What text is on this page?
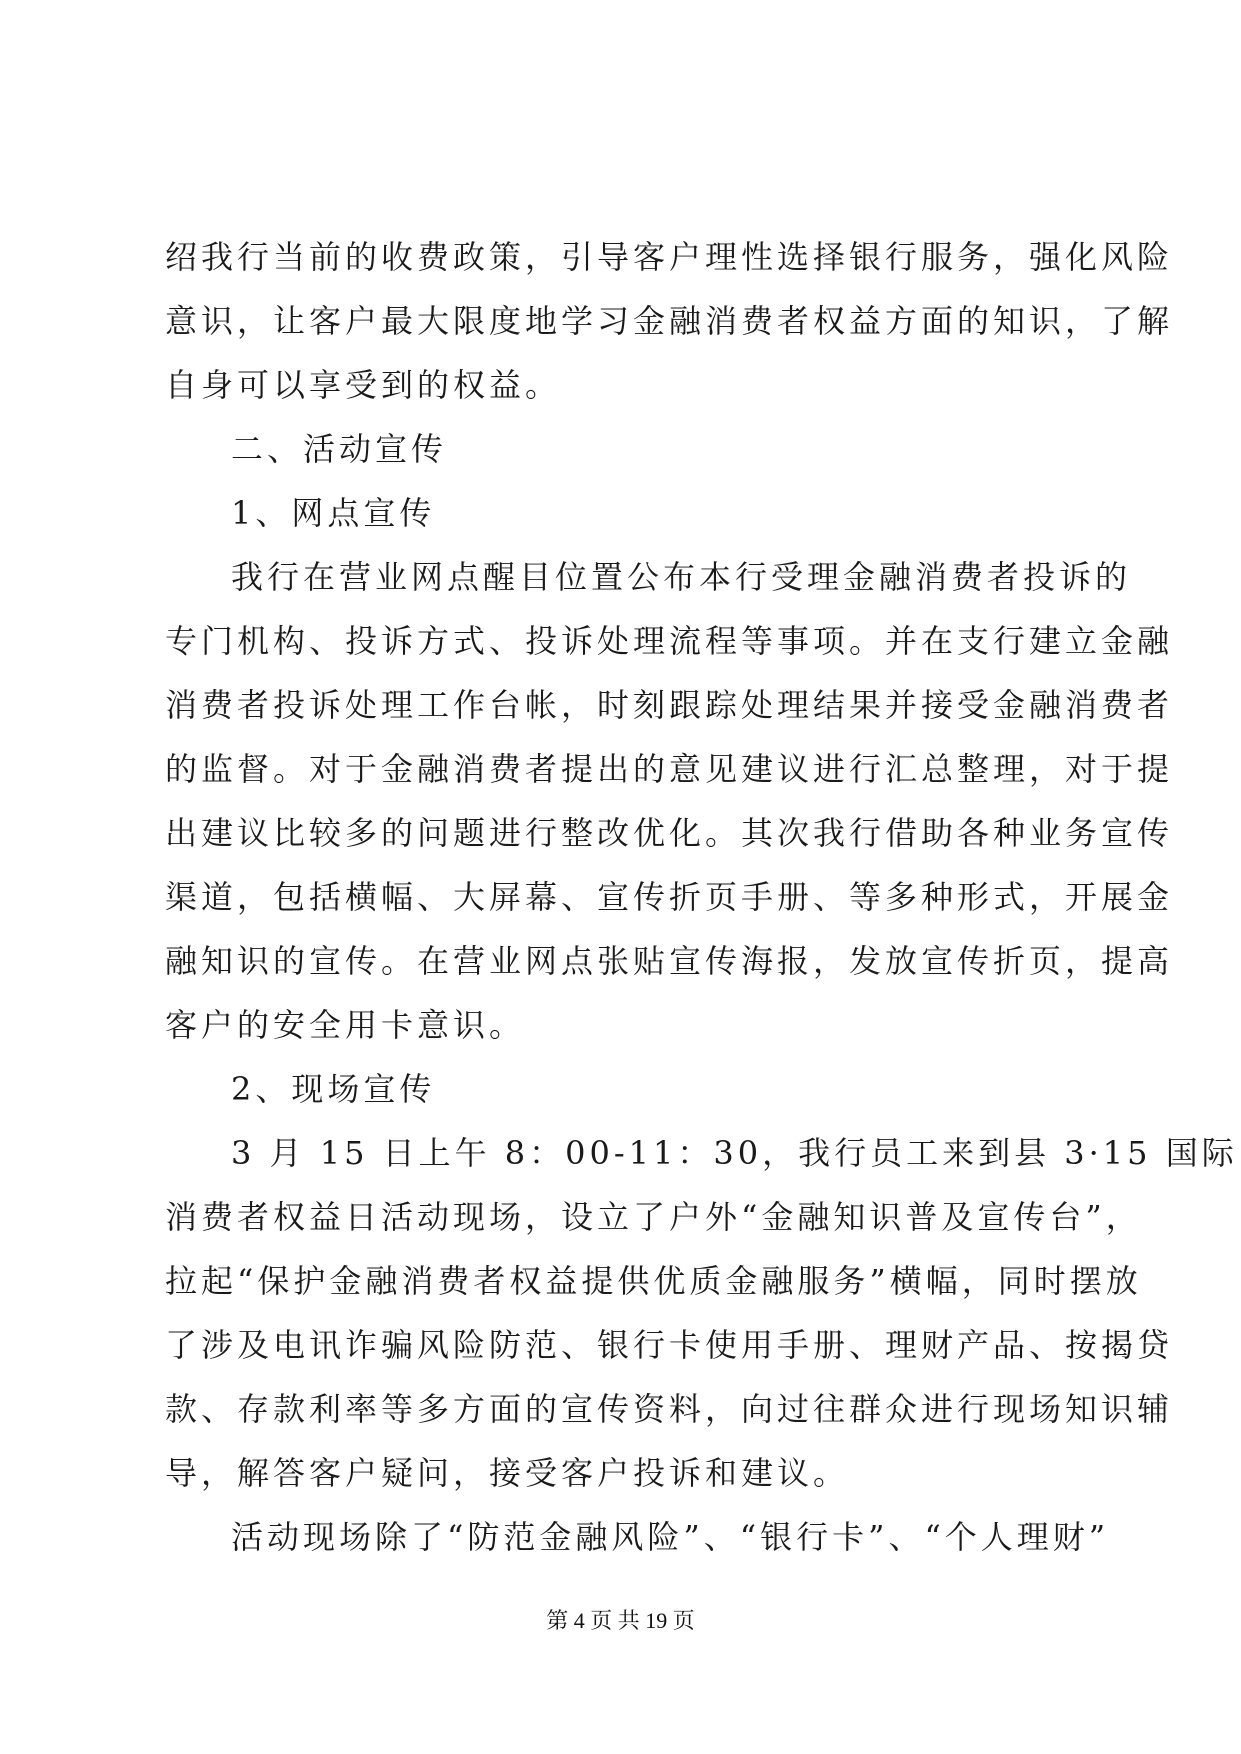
绍我行当前的收费政策，引导客户理性选择银行服务，强化风险
意识，让客户最大限度地学习金融消费者权益方面的知识，了解
自身可以享受到的权益。
二、活动宣传
1、网点宣传
我行在营业网点醒目位置公布本行受理金融消费者投诉的
专门机构、投诉方式、投诉处理流程等事项。并在支行建立金融
消费者投诉处理工作台帐，时刻跟踪处理结果并接受金融消费者
的监督。对于金融消费者提出的意见建议进行汇总整理，对于提
出建议比较多的问题进行整改优化。其次我行借助各种业务宣传
渠道，包括横幅、大屏幕、宣传折页手册、等多种形式，开展金
融知识的宣传。在营业网点张贴宣传海报，发放宣传折页，提高
客户的安全用卡意识。
2、现场宣传
3 月 15 日上午 8：00-11：30，我行员工来到县 3·15 国际
消费者权益日活动现场，设立了户外“金融知识普及宣传台”，
拉起“保护金融消费者权益提供优质金融服务”横幅，同时摆放
了涉及电讯诈骗风险防范、银行卡使用手册、理财产品、按揭贷
款、存款利率等多方面的宣传资料，向过往群众进行现场知识辅
导，解答客户疑问，接受客户投诉和建议。
活动现场除了“防范金融风险”、“银行卡”、“个人理财”
第 4 页 共 19 页
